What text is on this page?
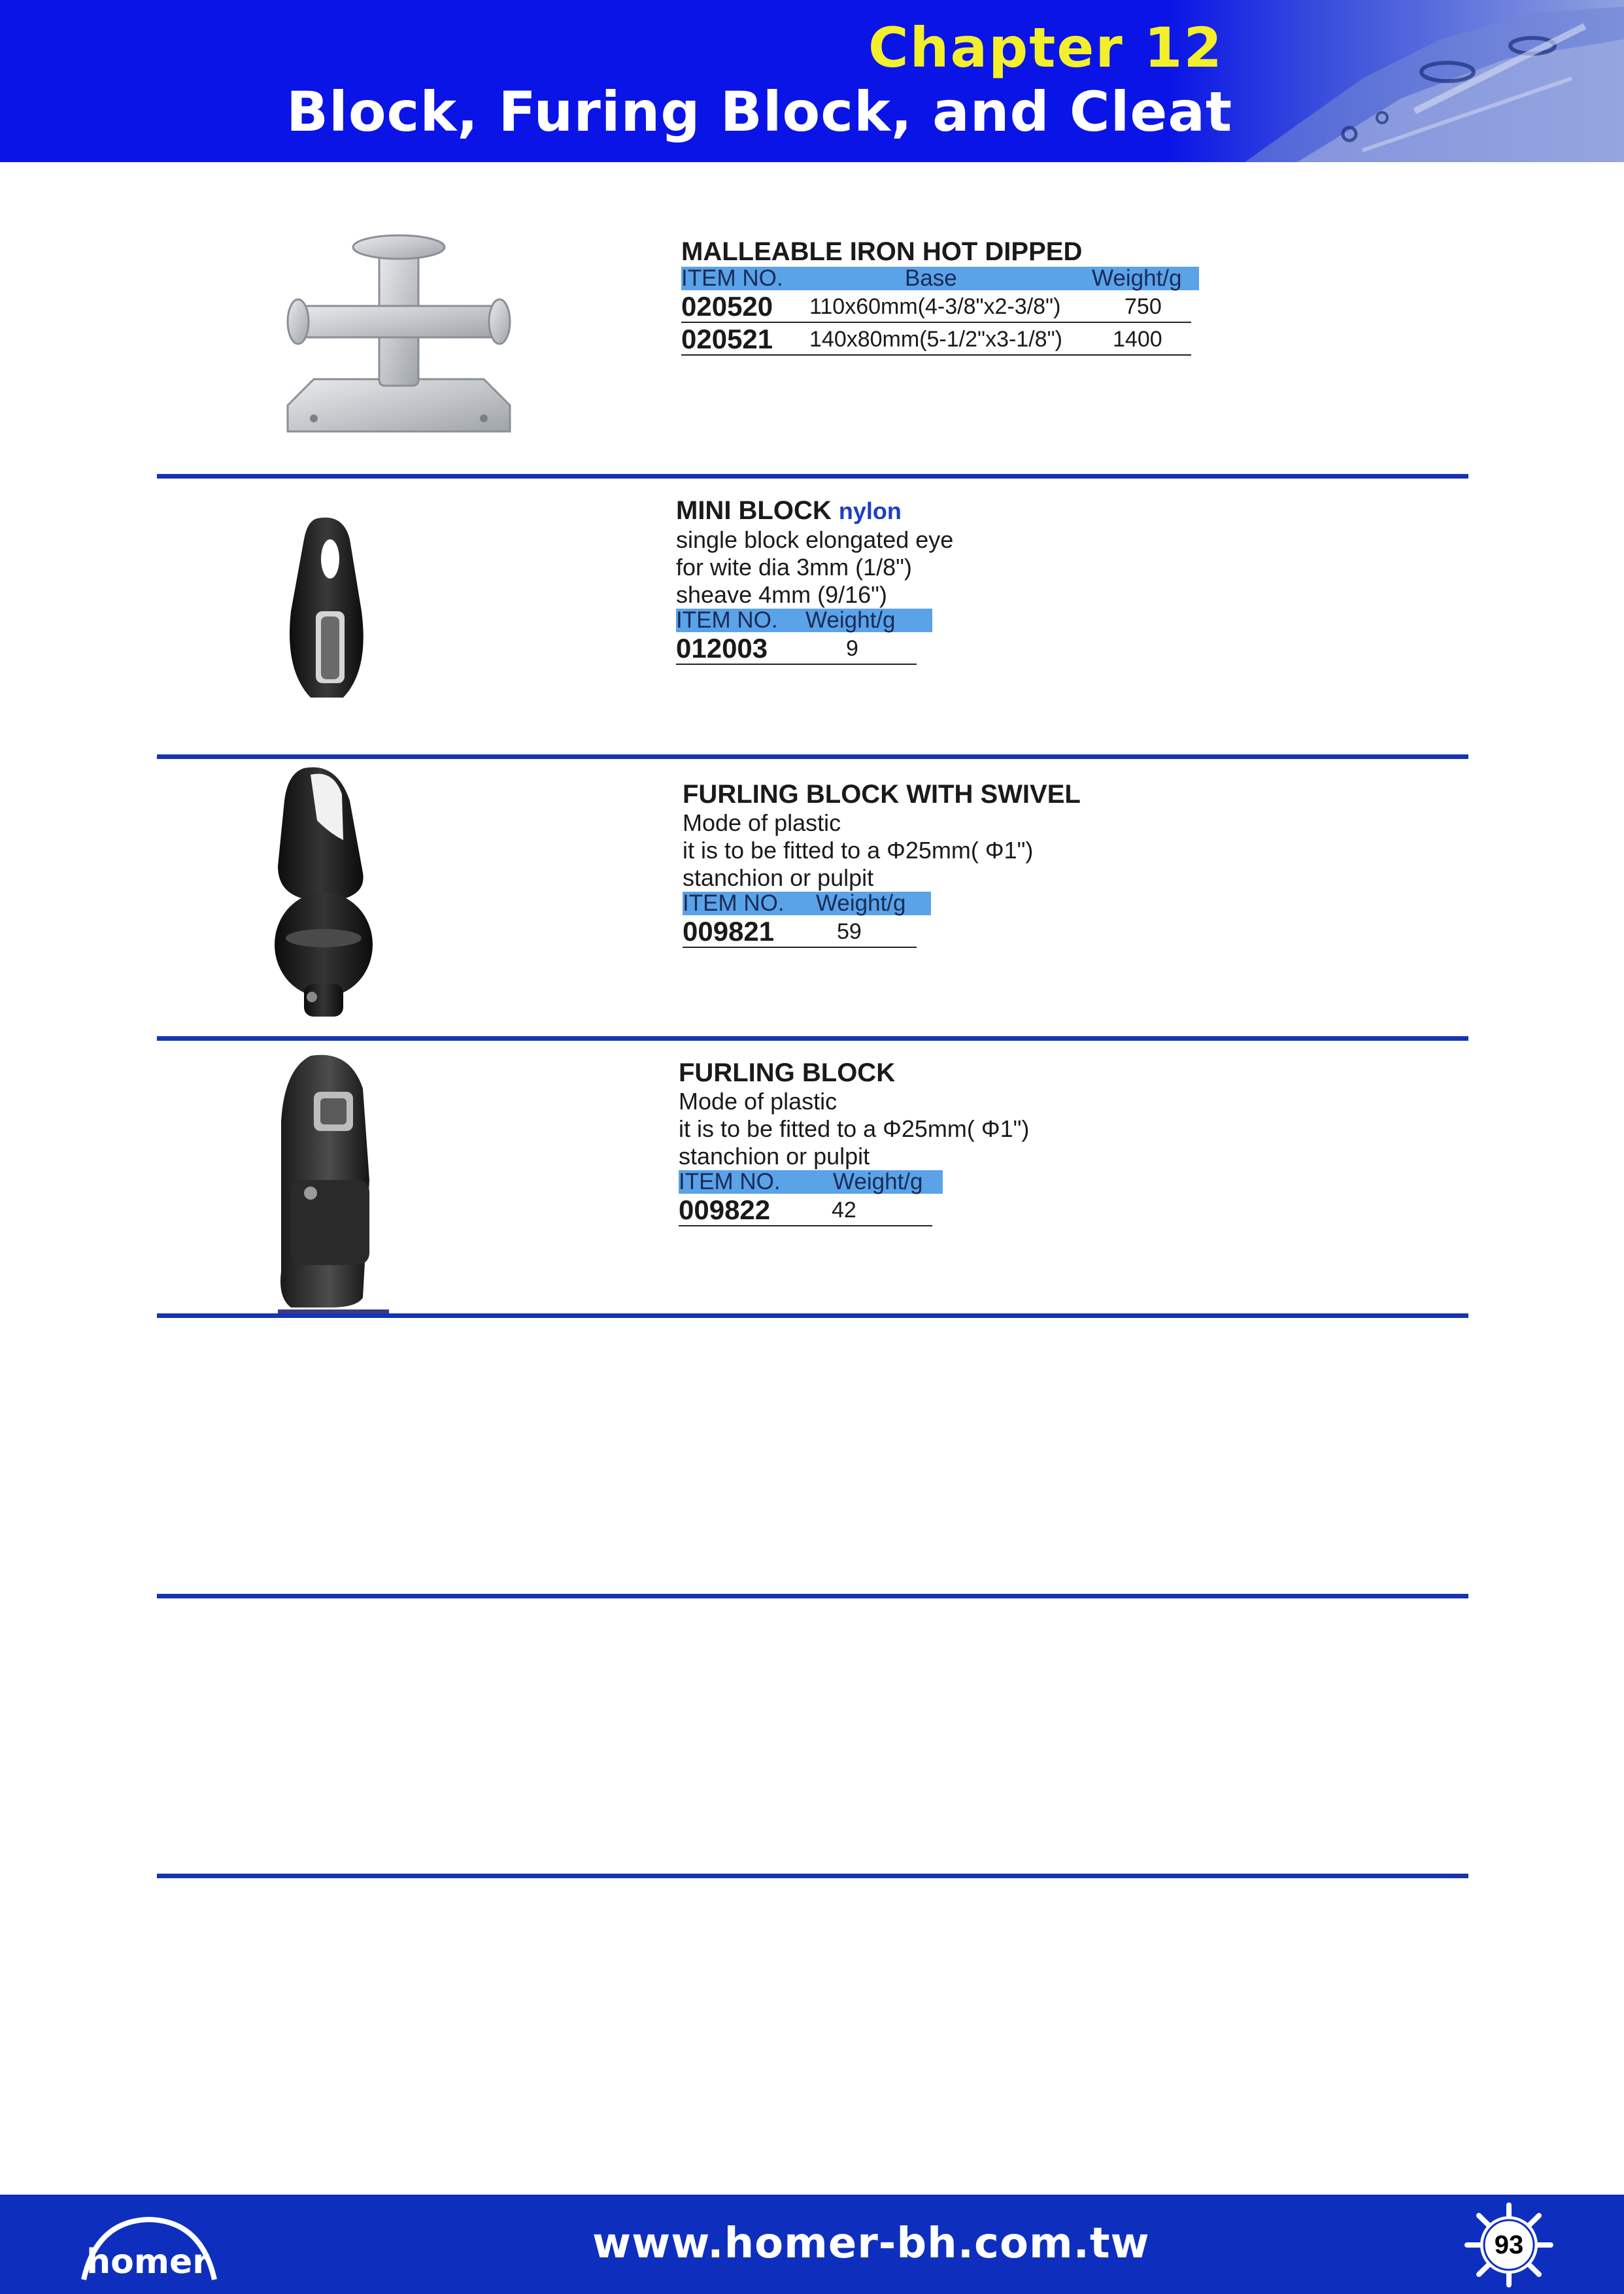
Chapter 12
Block, Furing Block, and Cleat
MALLEABLE IRON HOT DIPPED
ITEM NO.	Base	Weight/g
020520 110x60mm(4-3/8"x2-3/8")	750
020521 140x80mm(5-1/2"x3-1/8") 1400
MINI BLOCK nylon
single block elongated eye
for wite dia 3mm (1/8")
sheave 4mm (9/16")
ITEM NO. Weight/g
012003	9
FURLING BLOCK WITH SWIVEL
Mode of plastic
it is to be fitted to a Φ25mm( Φ1")
stanchion or pulpit
ITEM NO. Weight/g
009821	59
FURLING BLOCK
Mode of plastic
it is to be fitted to a Φ25mm( Φ1")
stanchion or pulpit
ITEM NO. Weight/g
009822	42
homer	www.homer-bh.com.tw	93
